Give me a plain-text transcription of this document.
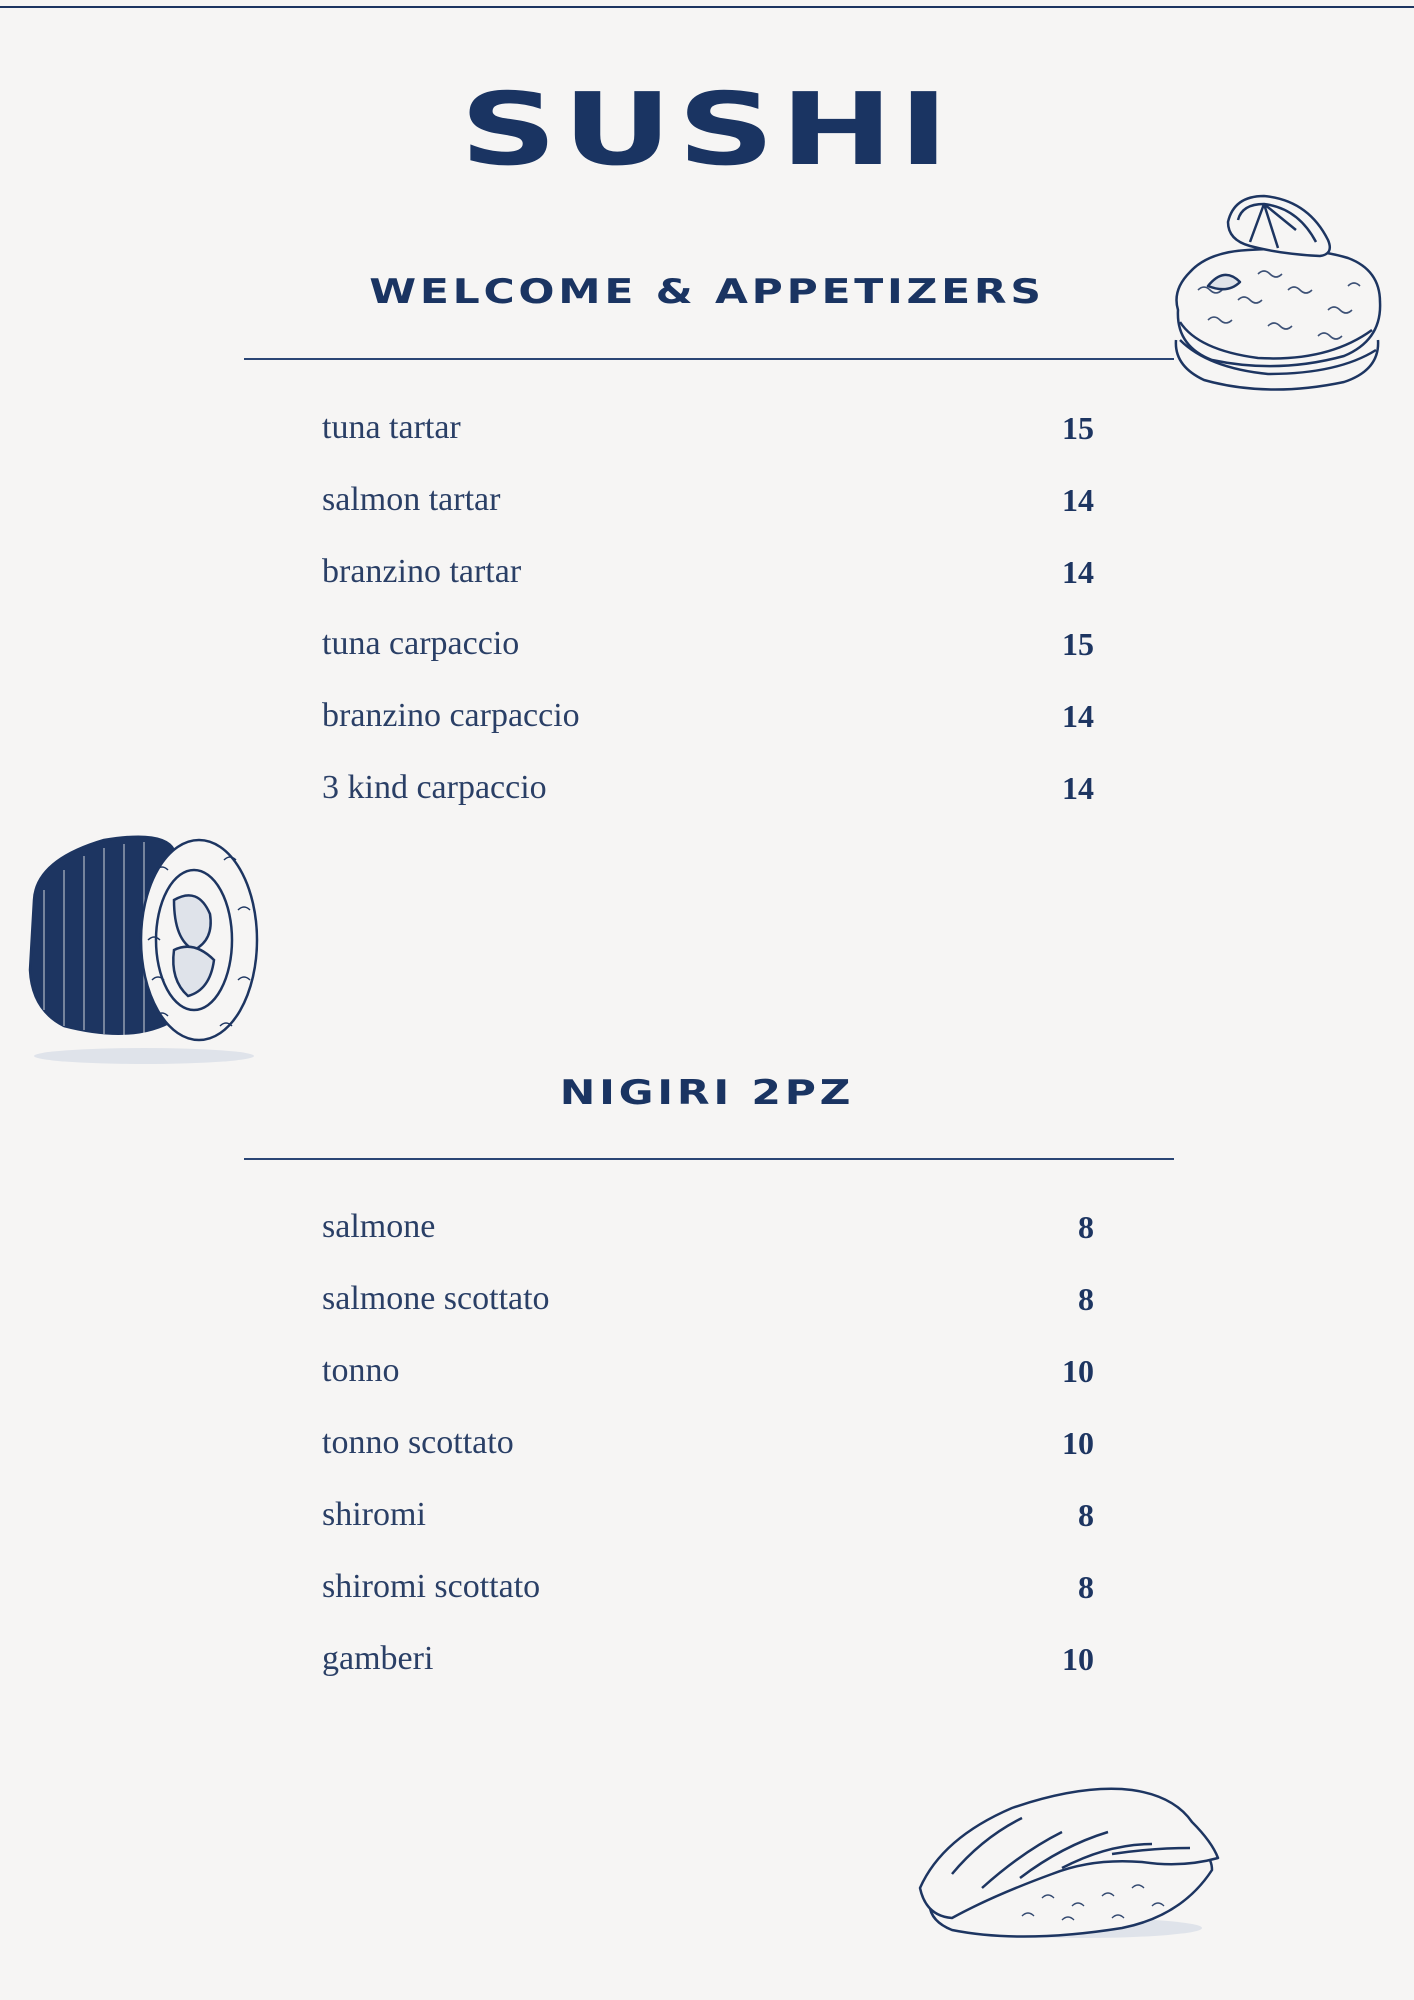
SUSHI
WELCOME & APPETIZERS
tuna tartar	15
salmon tartar	14
branzino tartar	14
tuna carpaccio	15
branzino carpaccio	14
3 kind carpaccio	14
NIGIRI 2PZ
salmone	8
salmone scottato	8
tonno	10
tonno scottato	10
shiromi	8
shiromi scottato	8
gamberi	10
